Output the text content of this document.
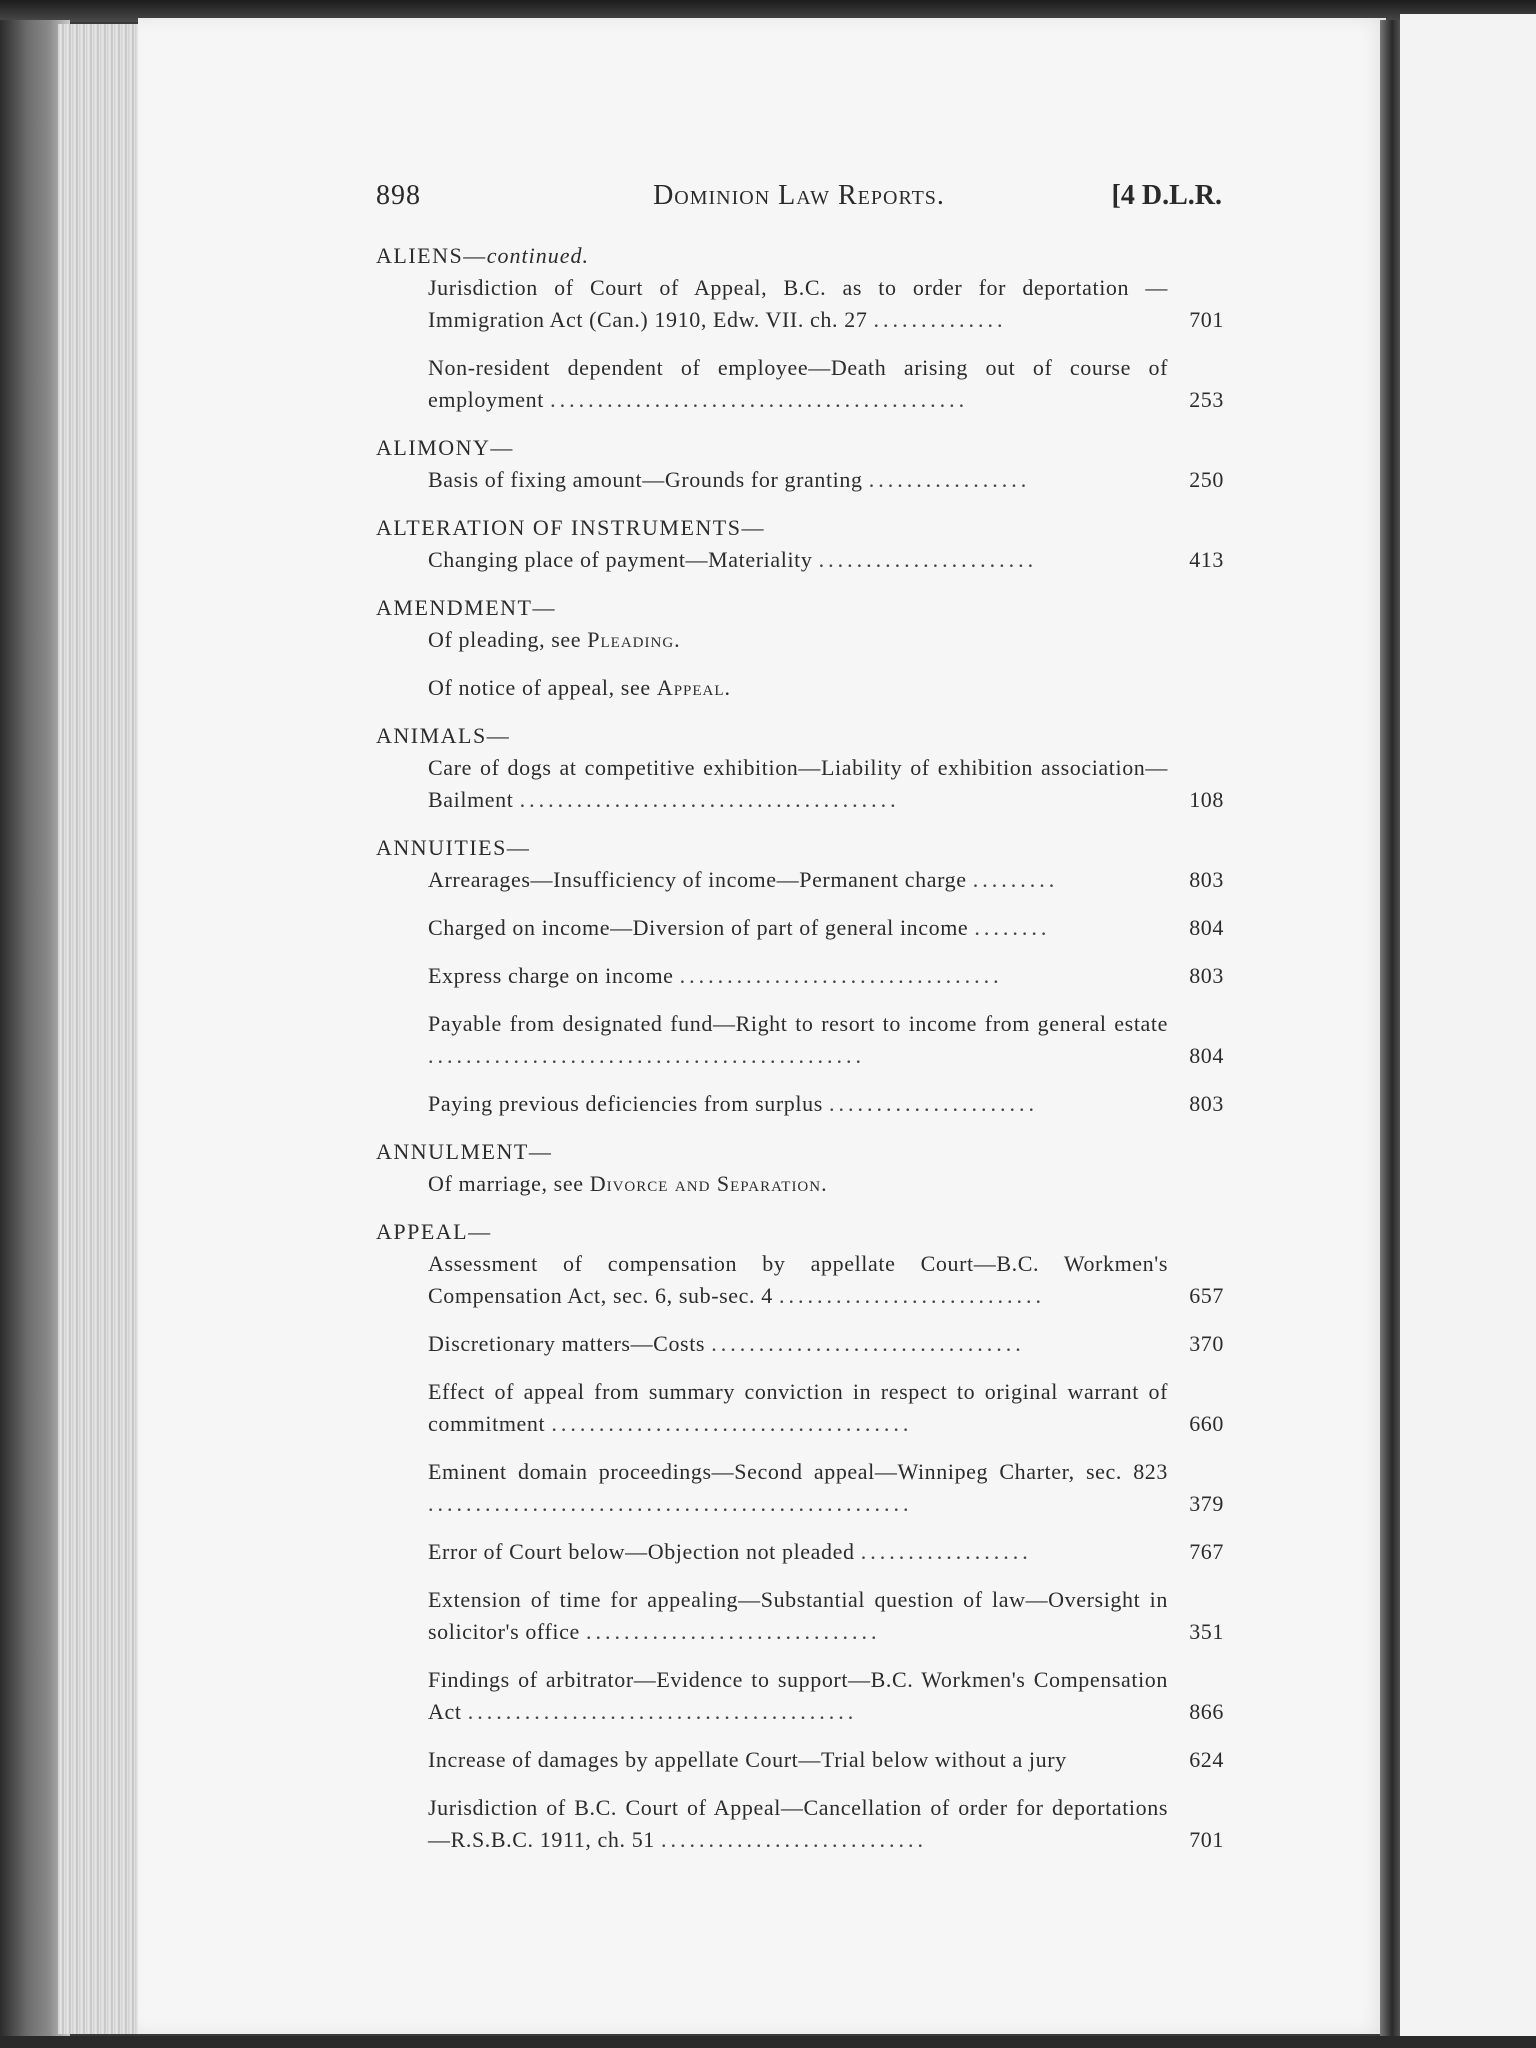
898	Dominion Law Reports.	[4 D.L.R.
ALIENS—continued.
Jurisdiction of Court of Appeal, B.C. as to order for deportation —Immigration Act (Can.) 1910, Edw. VII. ch. 27 ..............	701
Non-resident dependent of employee—Death arising out of course of employment ............................................	253
ALIMONY—
Basis of fixing amount—Grounds for granting .................	250
ALTERATION OF INSTRUMENTS—
Changing place of payment—Materiality .......................	413
AMENDMENT—
Of pleading, see Pleading.
Of notice of appeal, see Appeal.
ANIMALS—
Care of dogs at competitive exhibition—Liability of exhibition association—Bailment ........................................	108
ANNUITIES—
Arrearages—Insufficiency of income—Permanent charge .........	803
Charged on income—Diversion of part of general income ........	804
Express charge on income ..................................	803
Payable from designated fund—Right to resort to income from general estate ..............................................	804
Paying previous deficiencies from surplus ......................	803
ANNULMENT—
Of marriage, see Divorce and Separation.
APPEAL—
Assessment of compensation by appellate Court—B.C. Workmen's Compensation Act, sec. 6, sub-sec. 4 ............................	657
Discretionary matters—Costs .................................	370
Effect of appeal from summary conviction in respect to original warrant of commitment ......................................	660
Eminent domain proceedings—Second appeal—Winnipeg Charter, sec. 823 ...................................................	379
Error of Court below—Objection not pleaded ..................	767
Extension of time for appealing—Substantial question of law—Oversight in solicitor's office ...............................	351
Findings of arbitrator—Evidence to support—B.C. Workmen's Compensation Act .........................................	866
Increase of damages by appellate Court—Trial below without a jury	624
Jurisdiction of B.C. Court of Appeal—Cancellation of order for deportations—R.S.B.C. 1911, ch. 51 ............................	701
